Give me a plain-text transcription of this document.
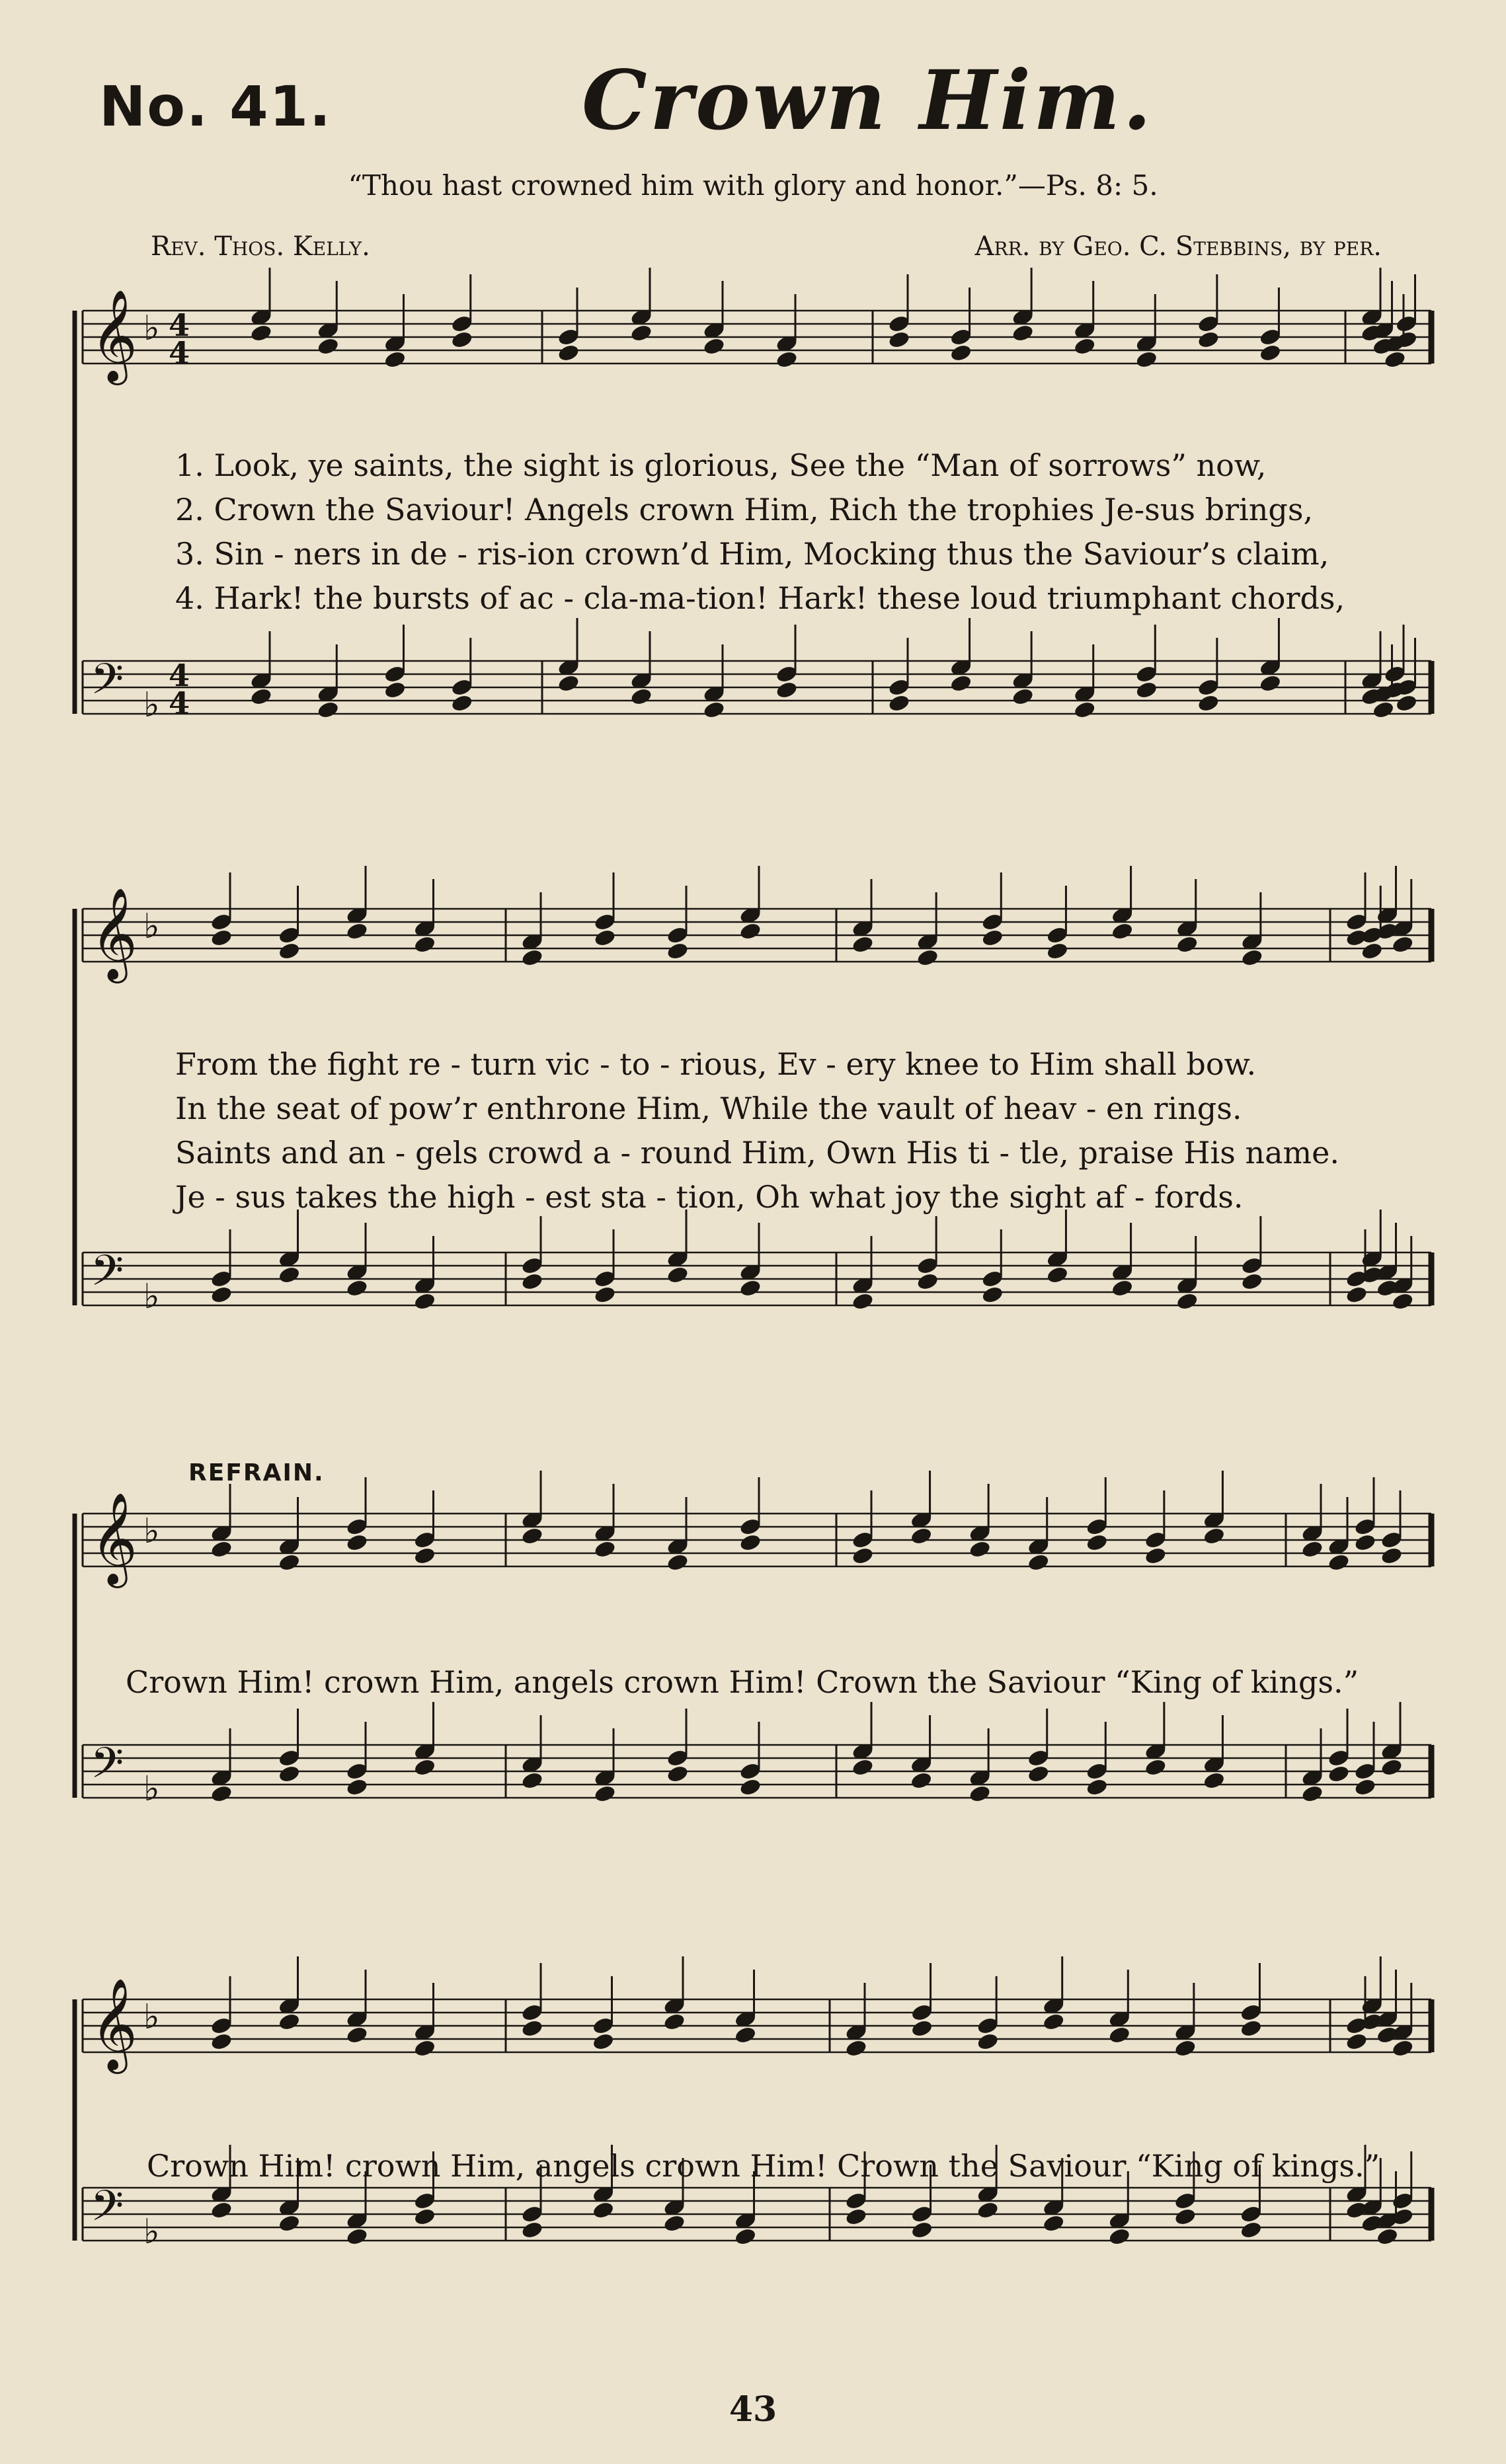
No. 41.	Crown Him.
“Thou hast crowned him with glory and honor.”—Ps. 8: 5.
Rev. Thos. Kelly.	Arr. by Geo. C. Stebbins, by per.
𝄞 ♭ 4
4
𝄢 ♭
4
4
𝄞 ♭
𝄢 ♭
𝄞 ♭
𝄢 ♭
𝄞 ♭
𝄢 ♭
1. Look, ye saints, the sight is glorious, See the “Man of sorrows” now,
2. Crown the Saviour! Angels crown Him, Rich the trophies Je-sus brings,
3. Sin - ners in de - ris-ion crown’d Him, Mocking thus the Saviour’s claim,
4. Hark! the bursts of ac - cla-ma-tion! Hark! these loud triumphant chords,
From the fight re - turn vic - to - rious, Ev - ery knee to Him shall bow.
In the seat of pow’r enthrone Him, While the vault of heav - en rings.
Saints and an - gels crowd a - round Him, Own His ti - tle, praise His name.
Je - sus takes the high - est sta - tion, Oh what joy the sight af - fords.
REFRAIN.
Crown Him! crown Him, angels crown Him! Crown the Saviour “King of kings.”
Crown Him! crown Him, angels crown Him! Crown the Saviour “King of kings.”
43
